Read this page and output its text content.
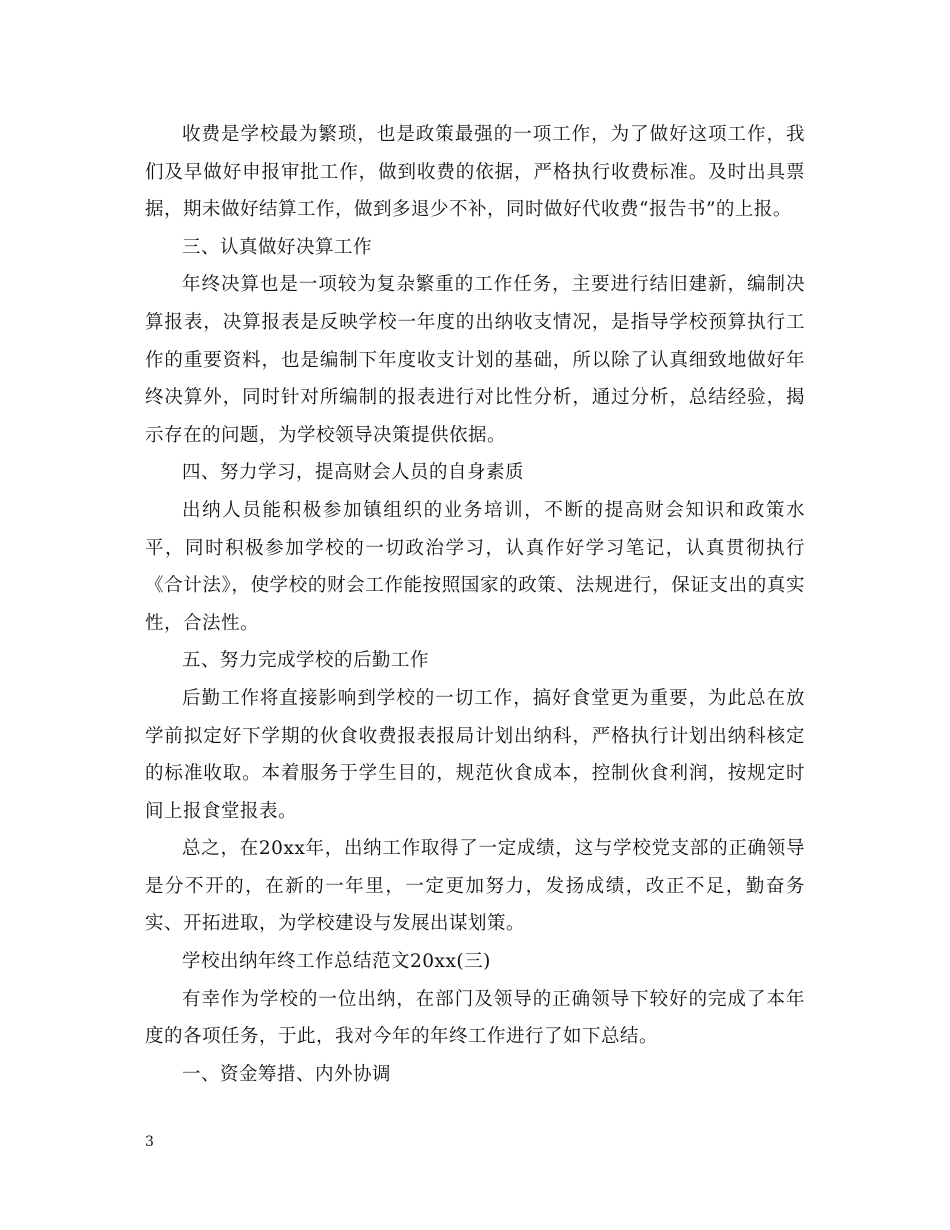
收费是学校最为繁琐，也是政策最强的一项工作，为了做好这项工作，我们及早做好申报审批工作，做到收费的依据，严格执行收费标准。及时出具票据，期未做好结算工作，做到多退少不补，同时做好代收费“报告书”的上报。

三、认真做好决算工作

年终决算也是一项较为复杂繁重的工作任务，主要进行结旧建新，编制决算报表，决算报表是反映学校一年度的出纳收支情况，是指导学校预算执行工作的重要资料，也是编制下年度收支计划的基础，所以除了认真细致地做好年终决算外，同时针对所编制的报表进行对比性分析，通过分析，总结经验，揭示存在的问题，为学校领导决策提供依据。

四、努力学习，提高财会人员的自身素质

出纳人员能积极参加镇组织的业务培训，不断的提高财会知识和政策水平，同时积极参加学校的一切政治学习，认真作好学习笔记，认真贯彻执行《合计法》，使学校的财会工作能按照国家的政策、法规进行，保证支出的真实性，合法性。

五、努力完成学校的后勤工作

后勤工作将直接影响到学校的一切工作，搞好食堂更为重要，为此总在放学前拟定好下学期的伙食收费报表报局计划出纳科，严格执行计划出纳科核定的标准收取。本着服务于学生目的，规范伙食成本，控制伙食利润，按规定时间上报食堂报表。

总之，在20xx年，出纳工作取得了一定成绩，这与学校党支部的正确领导是分不开的，在新的一年里，一定更加努力，发扬成绩，改正不足，勤奋务实、开拓进取，为学校建设与发展出谋划策。

学校出纳年终工作总结范文20xx(三)

有幸作为学校的一位出纳，在部门及领导的正确领导下较好的完成了本年度的各项任务，于此，我对今年的年终工作进行了如下总结。

一、资金筹措、内外协调

3
